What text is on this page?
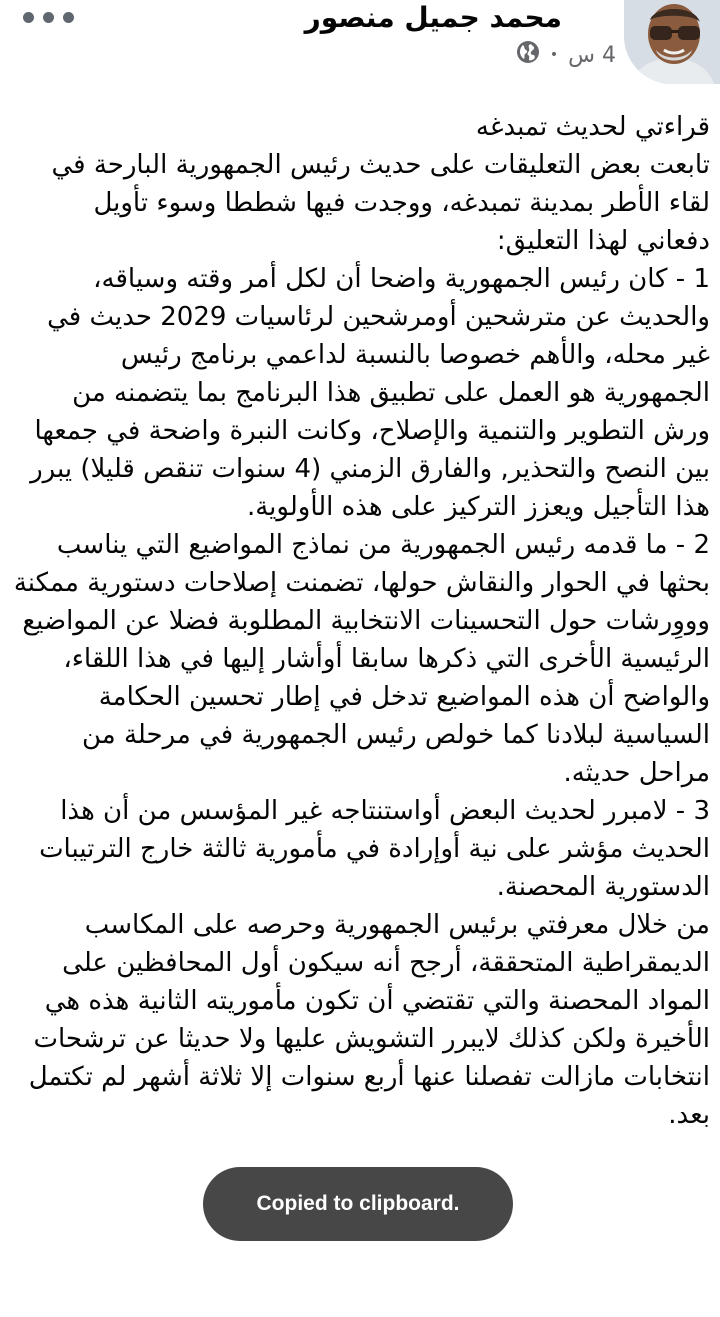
محمد جميل منصور
4 س
•

قراءتي لحديث تمبدغه

تابعت بعض التعليقات على حديث رئيس الجمهورية البارحة في لقاء الأطر بمدينة تمبدغه، ووجدت فيها شططا وسوء تأويل دفعاني لهذا التعليق:

1 - كان رئيس الجمهورية واضحا أن لكل أمر وقته وسياقه، والحديث عن مترشحين أومرشحين لرئاسيات 2029 حديث في غير محله، والأهم خصوصا بالنسبة لداعمي برنامج رئيس الجمهورية هو العمل على تطبيق هذا البرنامج بما يتضمنه من ورش التطوير والتنمية والإصلاح، وكانت النبرة واضحة في جمعها بين النصح والتحذير, والفارق الزمني (4 سنوات تنقص قليلا) يبرر هذا التأجيل ويعزز التركيز على هذه الأولوية.

2 - ما قدمه رئيس الجمهورية من نماذج المواضيع التي يناسب بحثها في الحوار والنقاش حولها، تضمنت إصلاحات دستورية ممكنة وووِرشات حول التحسينات الانتخابية المطلوبة فضلا عن المواضيع الرئيسية الأخرى التي ذكرها سابقا أوأشار إليها في هذا اللقاء، والواضح أن هذه المواضيع تدخل في إطار تحسين الحكامة السياسية لبلادنا كما خولص رئيس الجمهورية في مرحلة من مراحل حديثه.

3 - لامبرر لحديث البعض أواستنتاجه غير المؤسس من أن هذا الحديث مؤشر على نية أوإرادة في مأمورية ثالثة خارج الترتيبات الدستورية المحصنة.

من خلال معرفتي برئيس الجمهورية وحرصه على المكاسب الديمقراطية المتحققة، أرجح أنه سيكون أول المحافظين على المواد المحصنة والتي تقتضي أن تكون مأموريته الثانية هذه هي الأخيرة ولكن كذلك لايبرر التشويش عليها ولا حديثا عن ترشحات انتخابات مازالت تفصلنا عنها أربع سنوات إلا ثلاثة أشهر لم تكتمل بعد.

Copied to clipboard.
